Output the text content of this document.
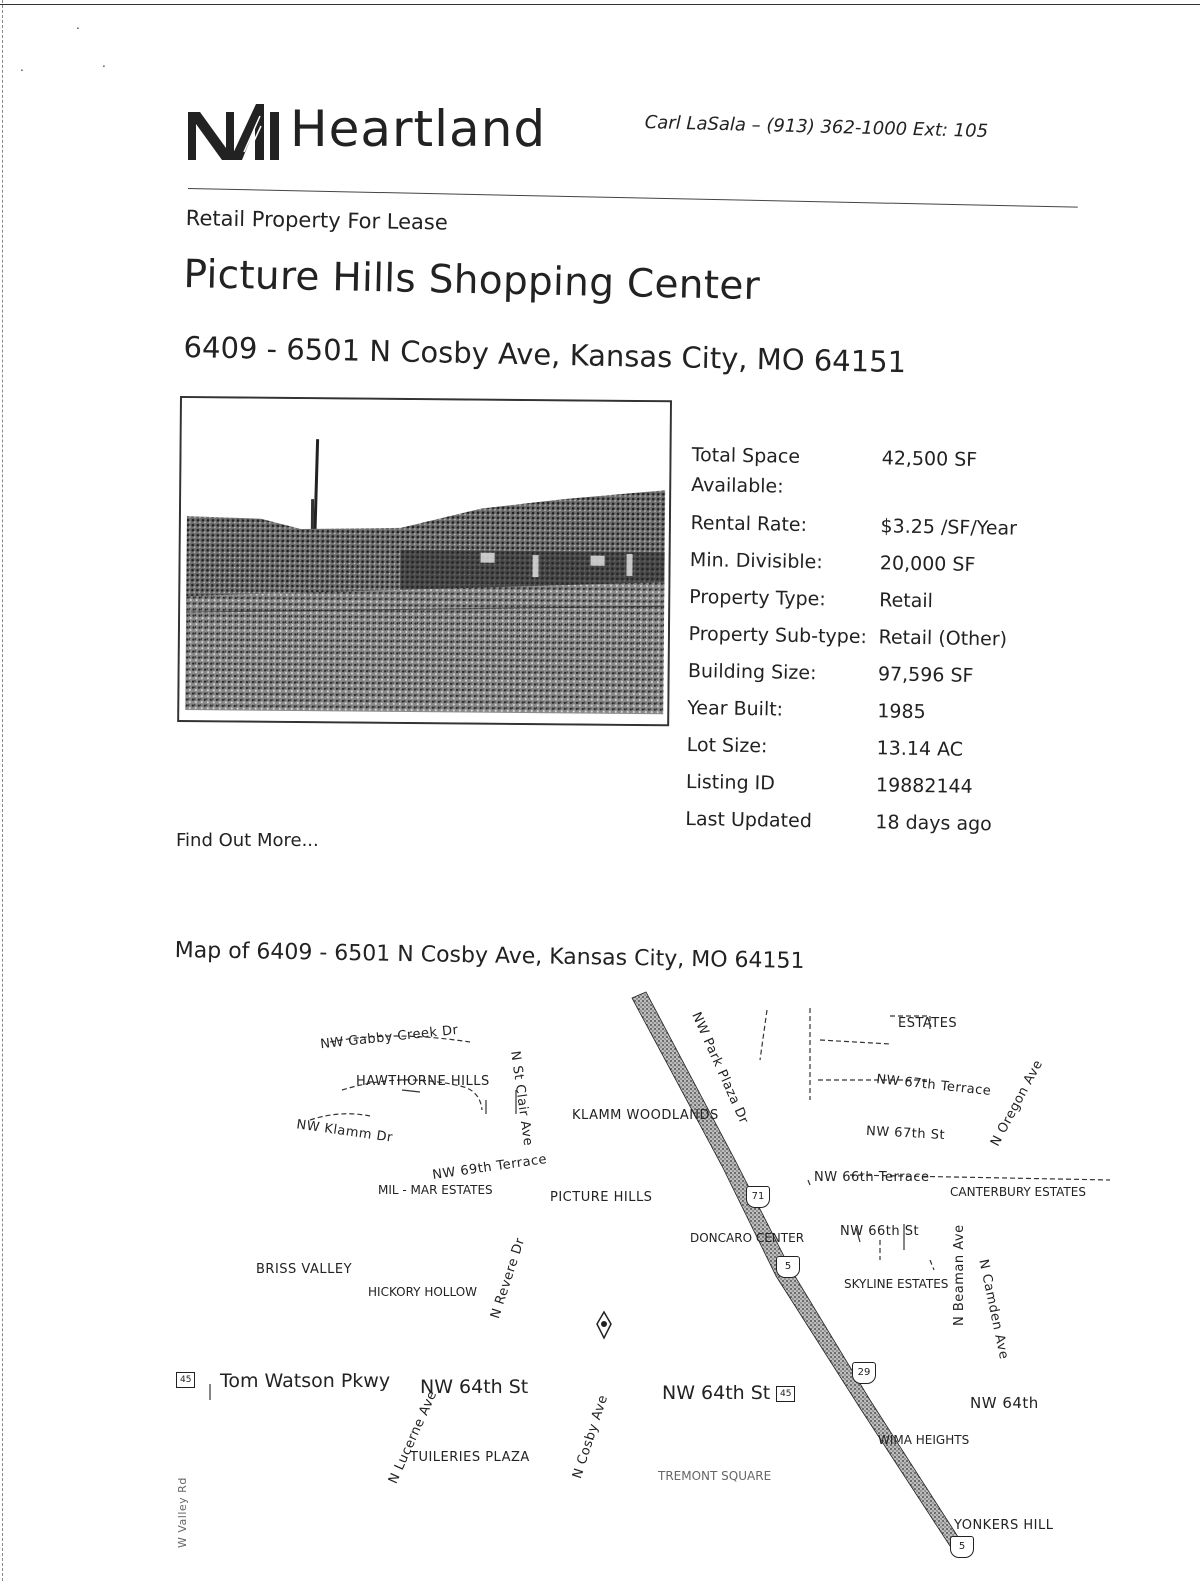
.
.	.
Heartland	Carl LaSala – (913) 362-1000 Ext: 105
Retail Property For Lease
Picture Hills Shopping Center
6409 - 6501 N Cosby Ave, Kansas City, MO 64151
Total Space Available:
42,500 SF
Rental Rate:	$3.25 /SF/Year
Min. Divisible:	20,000 SF
Property Type:	Retail
Property Sub-type: Retail (Other)
Building Size:	97,596 SF
Year Built:	1985
Lot Size:	13.14 AC
Listing ID	19882144
Last Updated	18 days ago
Find Out More...
Map of 6409 - 6501 N Cosby Ave, Kansas City, MO 64151
NW Gabby Creek Dr
N St Clair Ave
HAWTHORNE HILLS
NW Klamm Dr
KLAMM WOODLANDS
NW 69th Terrace
MIL - MAR ESTATES	PICTURE HILLS
BRISS VALLEY
HICKORY HOLLOW N Revere Dr
NW Park Plaza Dr	ESTATES
NW 67th Terrace
NW 67th St	N Oregon Ave
NW 66th Terrace
CANTERBURY ESTATES
NW 66th St
DONCARO CENTER
SKYLINE ESTATES N Beaman Ave N Camden Ave
45 Tom Watson Pkwy NW 64th St	NW 64th St	45	NW 64th
N Lucerne Ave	N Cosby Ave
TUILERIES PLAZA
TREMONT SQUARE
WIMA HEIGHTS
YONKERS HILL
W Valley Rd
71
5
29
5
